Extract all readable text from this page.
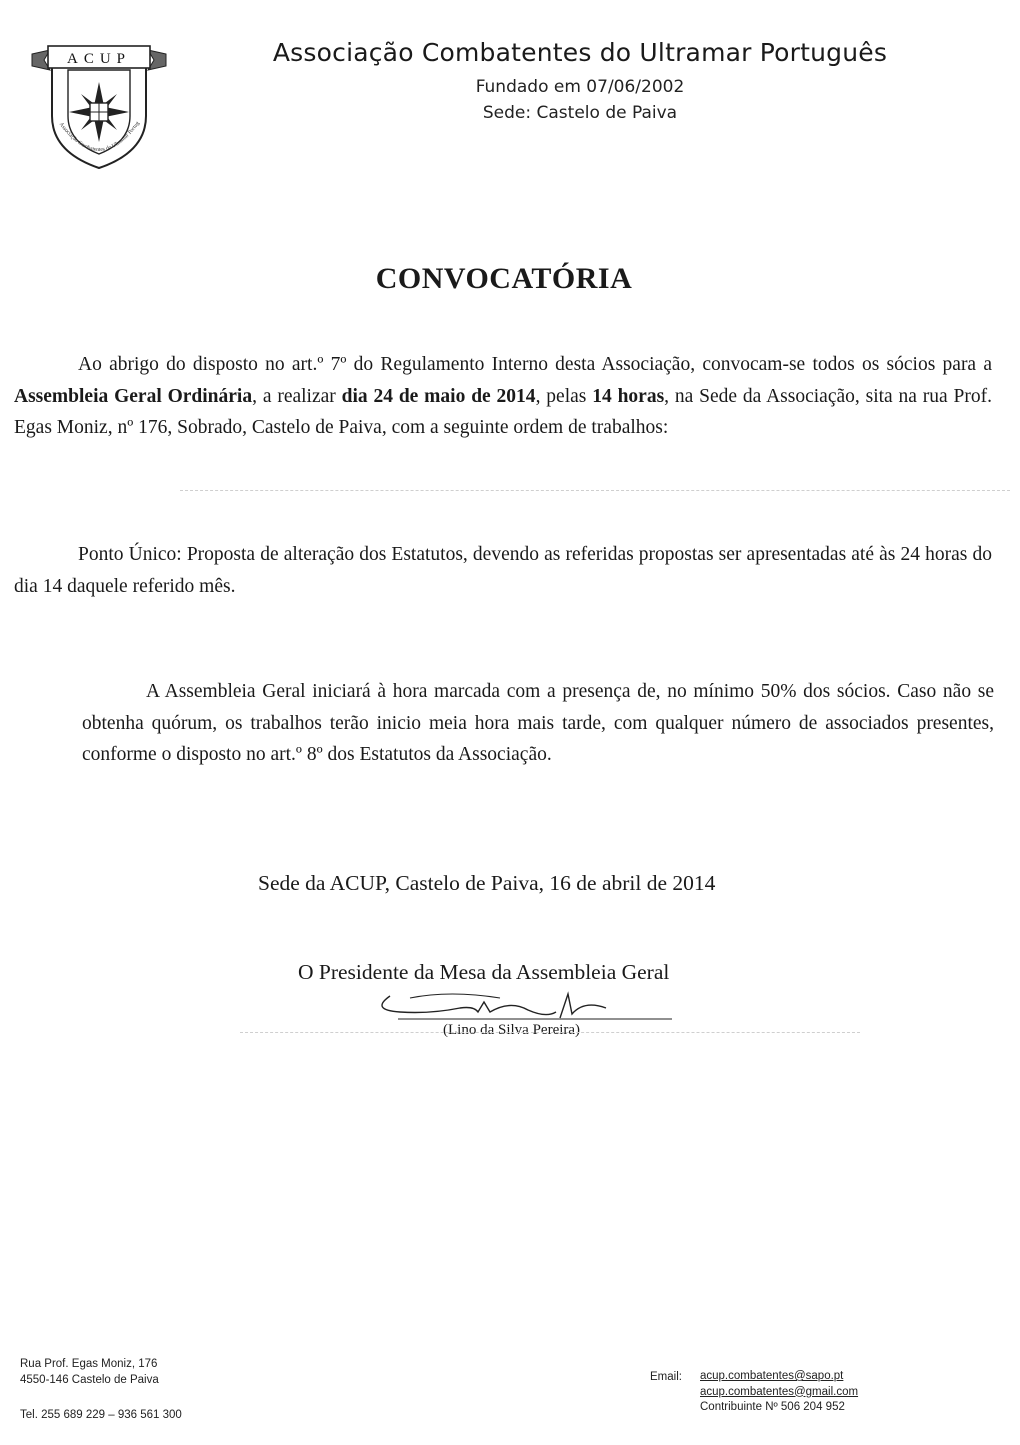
ACUP
Associação Combatentes do Ultramar Portug
Associação Combatentes do Ultramar Português
Fundado em 07/06/2002
Sede: Castelo de Paiva
CONVOCATÓRIA
Ao abrigo do disposto no art.º 7º do Regulamento Interno desta Associação, convocam-se todos os sócios para a Assembleia Geral Ordinária, a realizar dia 24 de maio de 2014, pelas 14 horas, na Sede da Associação, sita na rua Prof. Egas Moniz, nº 176, Sobrado, Castelo de Paiva, com a seguinte ordem de trabalhos:
Ponto Único: Proposta de alteração dos Estatutos, devendo as referidas propostas ser apresentadas até às 24 horas do dia 14 daquele referido mês.
A Assembleia Geral iniciará à hora marcada com a presença de, no mínimo 50% dos sócios. Caso não se obtenha quórum, os trabalhos terão inicio meia hora mais tarde, com qualquer número de associados presentes, conforme o disposto no art.º 8º dos Estatutos da Associação.
Sede da ACUP, Castelo de Paiva, 16 de abril de 2014
O Presidente da Mesa da Assembleia Geral
(Lino da Silva Pereira)
Rua Prof. Egas Moniz, 176
4550-146 Castelo de Paiva
Tel. 255 689 229 – 936 561 300
Email: acup.combatentes@sapo.pt
acup.combatentes@gmail.com
Contribuinte Nº 506 204 952
